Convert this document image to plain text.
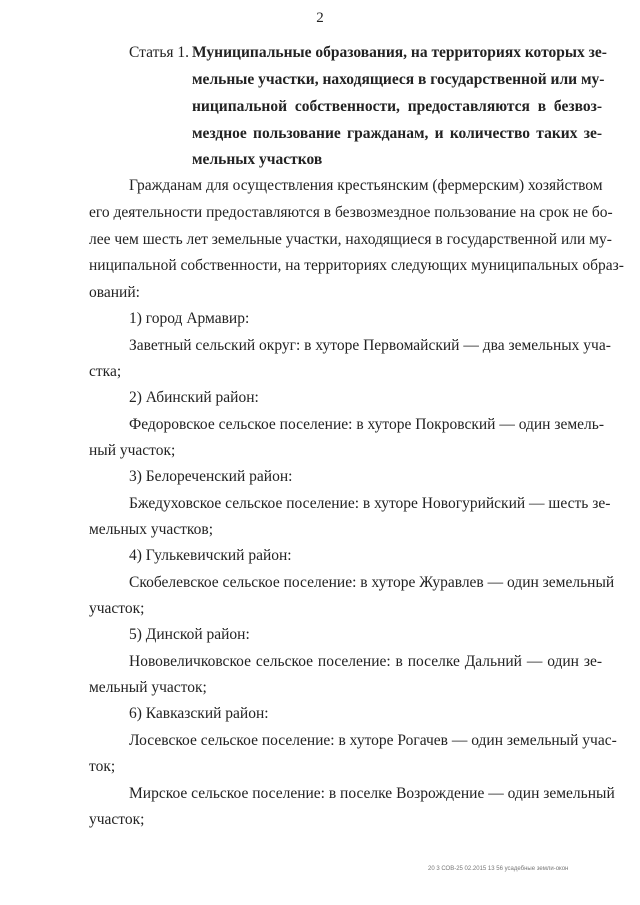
2
Статья 1. Муниципальные образования, на территориях которых зе-
мельные участки, находящиеся в государственной или му-
ниципальной собственности, предоставляются в безвоз-
мездное пользование гражданам, и количество таких зе-
мельных участков
Гражданам для осуществления крестьянским (фермерским) хозяйством
его деятельности предоставляются в безвозмездное пользование на срок не бо-
лее чем шесть лет земельные участки, находящиеся в государственной или му-
ниципальной собственности, на территориях следующих муниципальных образ-
ований:
1) город Армавир:
Заветный сельский округ: в хуторе Первомайский — два земельных уча-
стка;
2) Абинский район:
Федоровское сельское поселение: в хуторе Покровский — один земель-
ный участок;
3) Белореченский район:
Бжедуховское сельское поселение: в хуторе Новогурийский — шесть зе-
мельных участков;
4) Гулькевичский район:
Скобелевское сельское поселение: в хуторе Журавлев — один земельный
участок;
5) Динской район:
Нововеличковское сельское поселение: в поселке Дальний — один зе-
мельный участок;
6) Кавказский район:
Лосевское сельское поселение: в хуторе Рогачев — один земельный учас-
ток;
Мирское сельское поселение: в поселке Возрождение — один земельный
участок;
20 3 СОВ-25 02.2015 13 56 усадебные земли-окон
